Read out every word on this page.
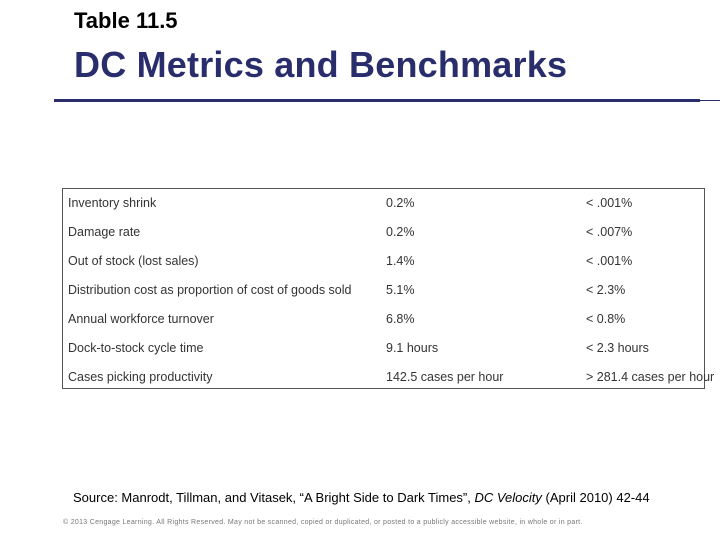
Table 11.5
DC Metrics and Benchmarks
Inventory shrink	0.2%	< .001%
Damage rate	0.2%	< .007%
Out of stock (lost sales)	1.4%	< .001%
Distribution cost as proportion of cost of goods sold	5.1%	< 2.3%
Annual workforce turnover	6.8%	< 0.8%
Dock-to-stock cycle time	9.1 hours	< 2.3 hours
Cases picking productivity	142.5 cases per hour	> 281.4 cases per hour
Source: Manrodt, Tillman, and Vitasek, “A Bright Side to Dark Times”, DC Velocity (April 2010) 42-44
© 2013 Cengage Learning. All Rights Reserved. May not be scanned, copied or duplicated, or posted to a publicly accessible website, in whole or in part.
